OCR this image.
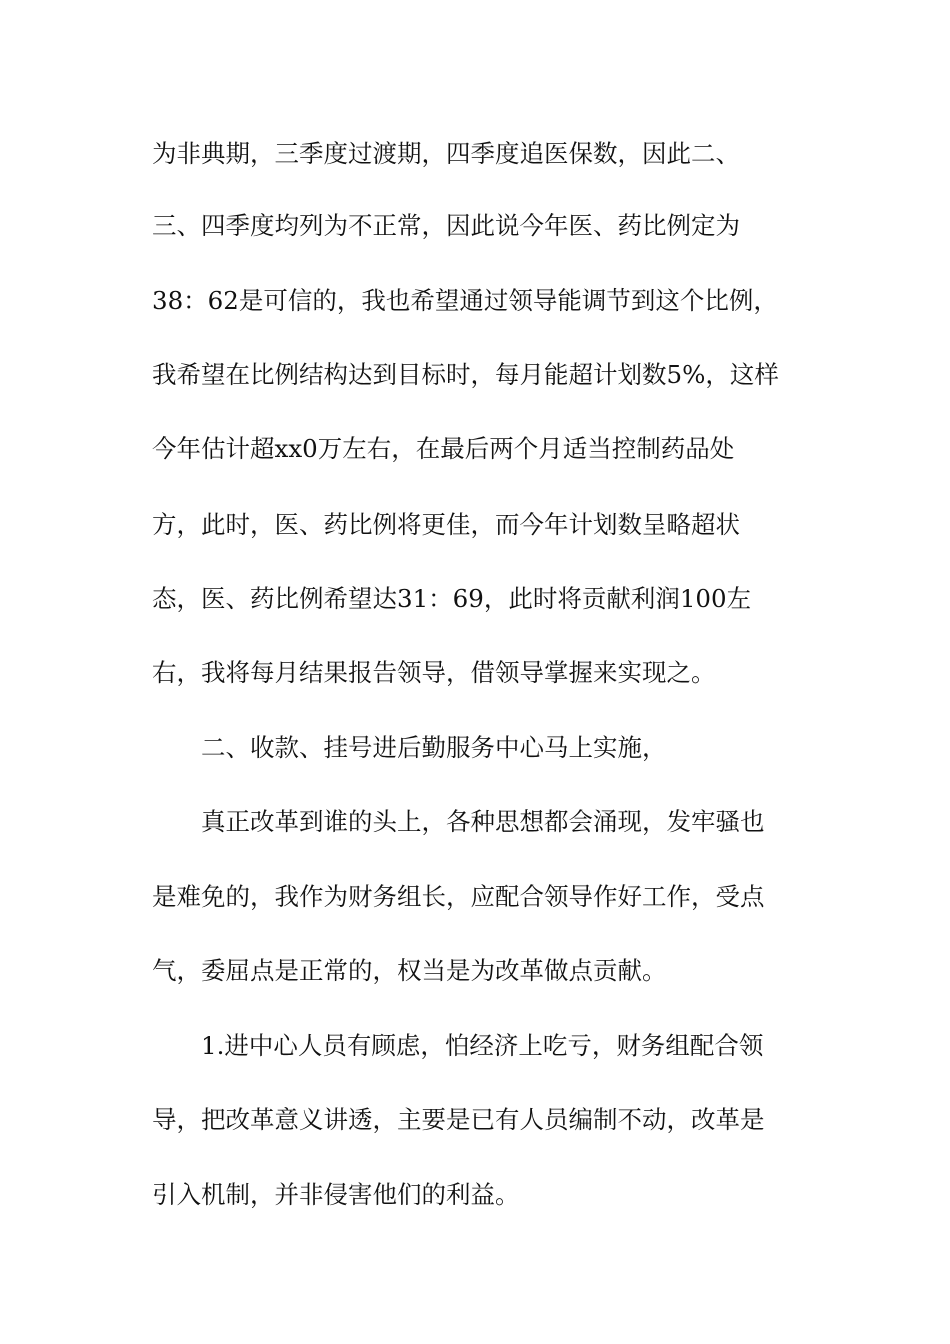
为非典期，三季度过渡期，四季度追医保数，因此二、
三、四季度均列为不正常，因此说今年医、药比例定为
38：62是可信的，我也希望通过领导能调节到这个比例，
我希望在比例结构达到目标时，每月能超计划数5%，这样
今年估计超xx0万左右，在最后两个月适当控制药品处
方，此时，医、药比例将更佳，而今年计划数呈略超状
态，医、药比例希望达31：69，此时将贡献利润100左
右，我将每月结果报告领导，借领导掌握来实现之。
二、收款、挂号进后勤服务中心马上实施，
真正改革到谁的头上，各种思想都会涌现，发牢骚也
是难免的，我作为财务组长，应配合领导作好工作，受点
气，委屈点是正常的，权当是为改革做点贡献。
1.进中心人员有顾虑，怕经济上吃亏，财务组配合领
导，把改革意义讲透，主要是已有人员编制不动，改革是
引入机制，并非侵害他们的利益。
